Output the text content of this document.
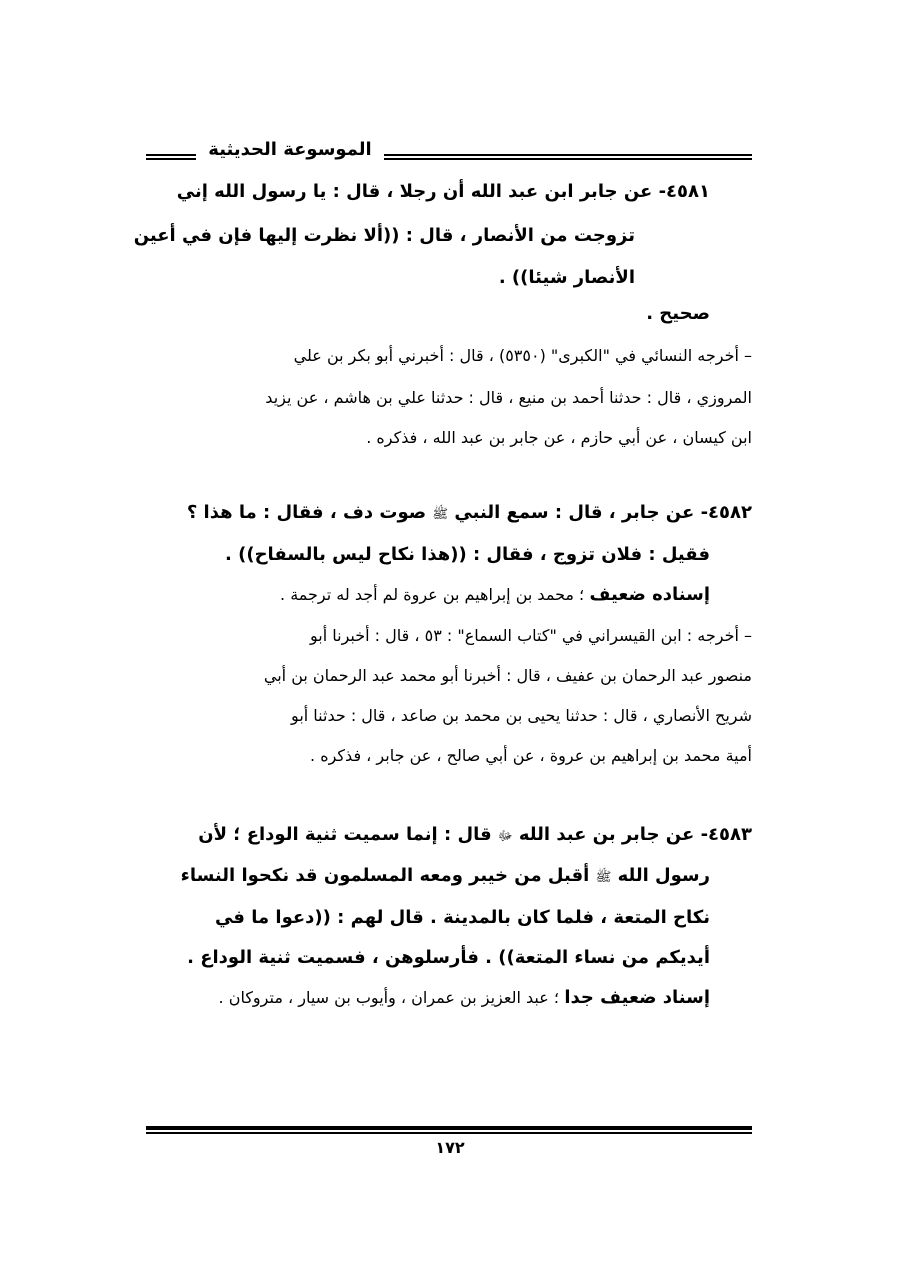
الموسوعة الحديثية
٤٥٨١- عن جابر ابن عبد الله أن رجلا ، قال : يا رسول الله إني
تزوجت من الأنصار ، قال : ((ألا نظرت إليها فإن في أعين
الأنصار شيئا)) .
صحيح .
– أخرجه النسائي في "الكبرى" (٥٣٥٠) ، قال : أخبرني أبو بكر بن علي
المروزي ، قال : حدثنا أحمد بن منيع ، قال : حدثنا علي بن هاشم ، عن يزيد
ابن كيسان ، عن أبي حازم ، عن جابر بن عبد الله ، فذكره .
٤٥٨٢- عن جابر ، قال : سمع النبي ﷺ صوت دف ، فقال : ما هذا ؟
فقيل : فلان تزوج ، فقال : ((هذا نكاح ليس بالسفاح)) .
إسناده ضعيف ؛ محمد بن إبراهيم بن عروة لم أجد له ترجمة .
– أخرجه : ابن القيسراني في "كتاب السماع" : ٥٣ ، قال : أخبرنا أبو
منصور عبد الرحمان بن عفيف ، قال : أخبرنا أبو محمد عبد الرحمان بن أبي
شريح الأنصاري ، قال : حدثنا يحيى بن محمد بن صاعد ، قال : حدثنا أبو
أمية محمد بن إبراهيم بن عروة ، عن أبي صالح ، عن جابر ، فذكره .
٤٥٨٣- عن جابر بن عبد الله ﷻ قال : إنما سميت ثنية الوداع ؛ لأن
رسول الله ﷺ أقبل من خيبر ومعه المسلمون قد نكحوا النساء
نكاح المتعة ، فلما كان بالمدينة . قال لهم : ((دعوا ما في
أيديكم من نساء المتعة)) . فأرسلوهن ، فسميت ثنية الوداع .
إسناد ضعيف جدا ؛ عبد العزيز بن عمران ، وأيوب بن سيار ، متروكان .
١٧٢
